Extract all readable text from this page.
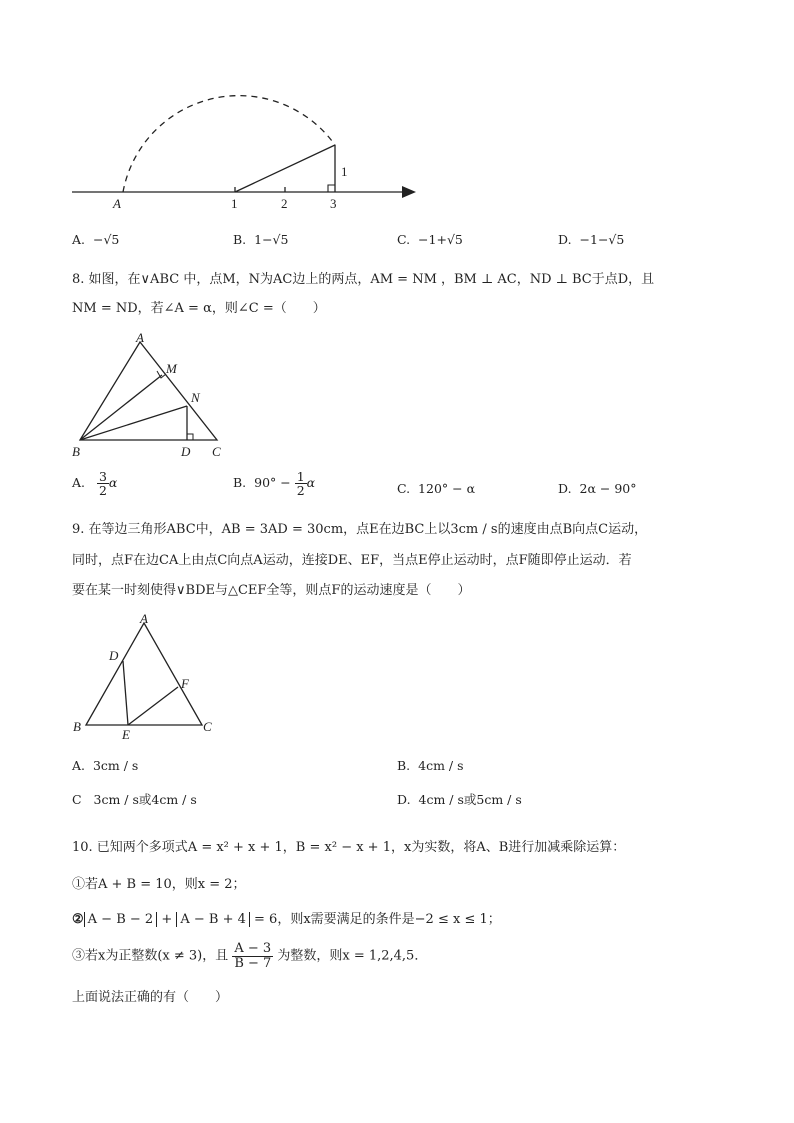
A	1	2	3
1
A. −√5	B. 1−√5	C. −1+√5	D. −1−√5
8. 如图，在∨ABC 中，点M，N为AC边上的两点，AM = NM ，BM ⊥ AC，ND ⊥ BC于点D，且
NM = ND，若∠A = α，则∠C =（　　）
A
M
N
B	D C
A. $\frac{3}{2}$ α	B. $90^\circ - \frac{1}{2}$ α	C. 120° − α	D. 2α − 90°
9. 在等边三角形ABC中，AB = 3AD = 30cm，点E在边BC上以3cm / s的速度由点B向点C运动，
同时，点F在边CA上由点C向点A运动，连接DE、EF，当点E停止运动时，点F随即停止运动．若
要在某一时刻使得∨BDE与△CEF全等，则点F的运动速度是（　　）
A
D
F
B
E
C
A. 3cm / s	B. 4cm / s
C 3cm / s或4cm / s	D. 4cm / s或5cm / s
10. 已知两个多项式A = x² + x + 1，B = x² − x + 1，x为实数，将A、B进行加减乘除运算：
①若A + B = 10，则x = 2；
② A − B − 2 + A − B + 4 = 6，则x需要满足的条件是−2 ≤ x ≤ 1；
③若x为正整数(x ≠ 3)，且 $\frac{A - 3}{B - 7}$ 为整数，则x = 1,2,4,5．
上面说法正确的有（　　）
